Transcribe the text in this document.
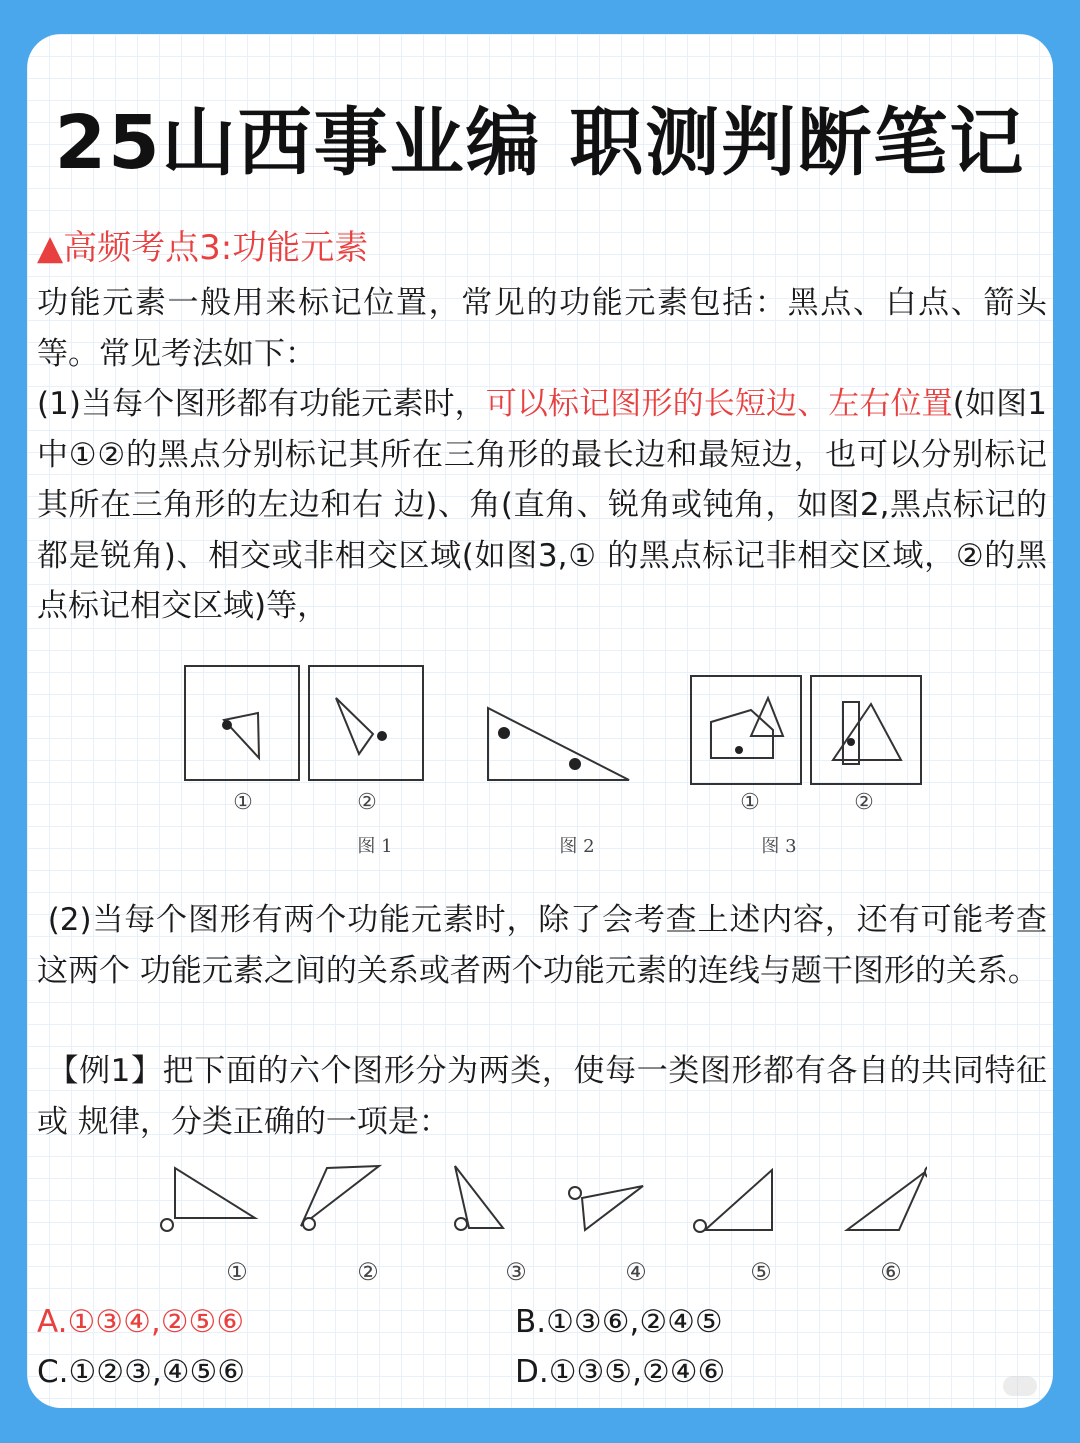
25山西事业编 职测判断笔记
▲高频考点3:功能元素
功能元素一般用来标记位置，常见的功能元素包括：黑点、白点、箭头等。常见考法如下：
(1)当每个图形都有功能元素时，可以标记图形的长短边、左右位置(如图1中①②的黑点分别标记其所在三角形的最长边和最短边，也可以分别标记其所在三角形的左边和右 边)、角(直角、锐角或钝角，如图2,黑点标记的都是锐角)、相交或非相交区域(如图3,① 的黑点标记非相交区域，②的黑点标记相交区域)等，
①	②
图 1	图 2
①	②
图 3
(2)当每个图形有两个功能元素时，除了会考查上述内容，还有可能考查这两个 功能元素之间的关系或者两个功能元素的连线与题干图形的关系。
【例1】把下面的六个图形分为两类，使每一类图形都有各自的共同特征或 规律，分类正确的一项是：
①	②	③	④	⑤	⑥
A.①③④,②⑤⑥	B.①③⑥,②④⑤
C.①②③,④⑤⑥	D.①③⑤,②④⑥
